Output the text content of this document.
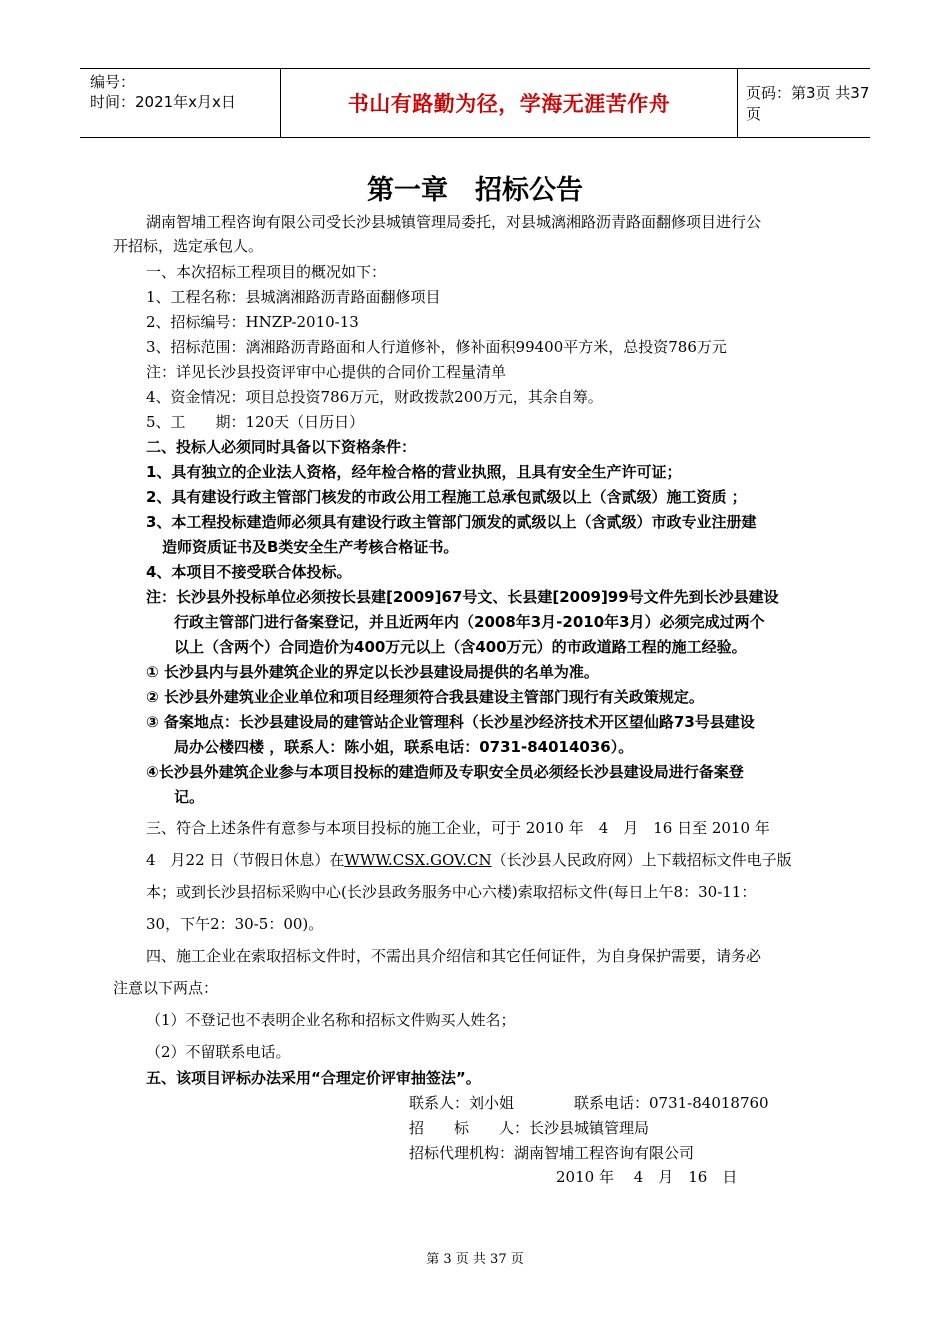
编号：
时间：2021年x月x日	书山有路勤为径，学海无涯苦作舟	页码：第3页 共37页
第一章　招标公告
湖南智埔工程咨询有限公司受长沙县城镇管理局委托，对县城漓湘路沥青路面翻修项目进行公
开招标，选定承包人。
一、本次招标工程项目的概况如下：
1、工程名称：县城漓湘路沥青路面翻修项目
2、招标编号：HNZP-2010-13
3、招标范围：漓湘路沥青路面和人行道修补，修补面积99400平方米，总投资786万元
注：详见长沙县投资评审中心提供的合同价工程量清单
4、资金情况：项目总投资786万元，财政拨款200万元，其余自筹。
5、工　　期：120天（日历日）
二、投标人必须同时具备以下资格条件：
1、具有独立的企业法人资格，经年检合格的营业执照，且具有安全生产许可证；
2、具有建设行政主管部门核发的市政公用工程施工总承包贰级以上（含贰级）施工资质 ；
3、本工程投标建造师必须具有建设行政主管部门颁发的贰级以上（含贰级）市政专业注册建
造师资质证书及B类安全生产考核合格证书。
4、本项目不接受联合体投标。
注：长沙县外投标单位必须按长县建[2009]67号文、长县建[2009]99号文件先到长沙县建设
行政主管部门进行备案登记，并且近两年内（2008年3月-2010年3月）必须完成过两个
以上（含两个）合同造价为400万元以上（含400万元）的市政道路工程的施工经验。
① 长沙县内与县外建筑企业的界定以长沙县建设局提供的名单为准。
② 长沙县外建筑业企业单位和项目经理须符合我县建设主管部门现行有关政策规定。
③ 备案地点：长沙县建设局的建管站企业管理科（长沙星沙经济技术开区望仙路73号县建设
局办公楼四楼 ，联系人：陈小姐，联系电话：0731-84014036）。
④长沙县外建筑企业参与本项目投标的建造师及专职安全员必须经长沙县建设局进行备案登
记。
三、符合上述条件有意参与本项目投标的施工企业，可于 2010 年　4　月　16 日至 2010 年
4　月22 日（节假日休息）在WWW.CSX.GOV.CN（长沙县人民政府网）上下载招标文件电子版
本；或到长沙县招标采购中心(长沙县政务服务中心六楼)索取招标文件(每日上午8：30-11：
30，下午2：30-5：00)。
四、施工企业在索取招标文件时，不需出具介绍信和其它任何证件，为自身保护需要，请务必
注意以下两点：
（1）不登记也不表明企业名称和招标文件购买人姓名；
（2）不留联系电话。
五、该项目评标办法采用“合理定价评审抽签法”。
联系人：刘小姐　　　　联系电话：0731-84018760
招　　标　　人：长沙县城镇管理局
招标代理机构：湖南智埔工程咨询有限公司
2010 年　 4　月　16　日
第 3 页 共 37 页
